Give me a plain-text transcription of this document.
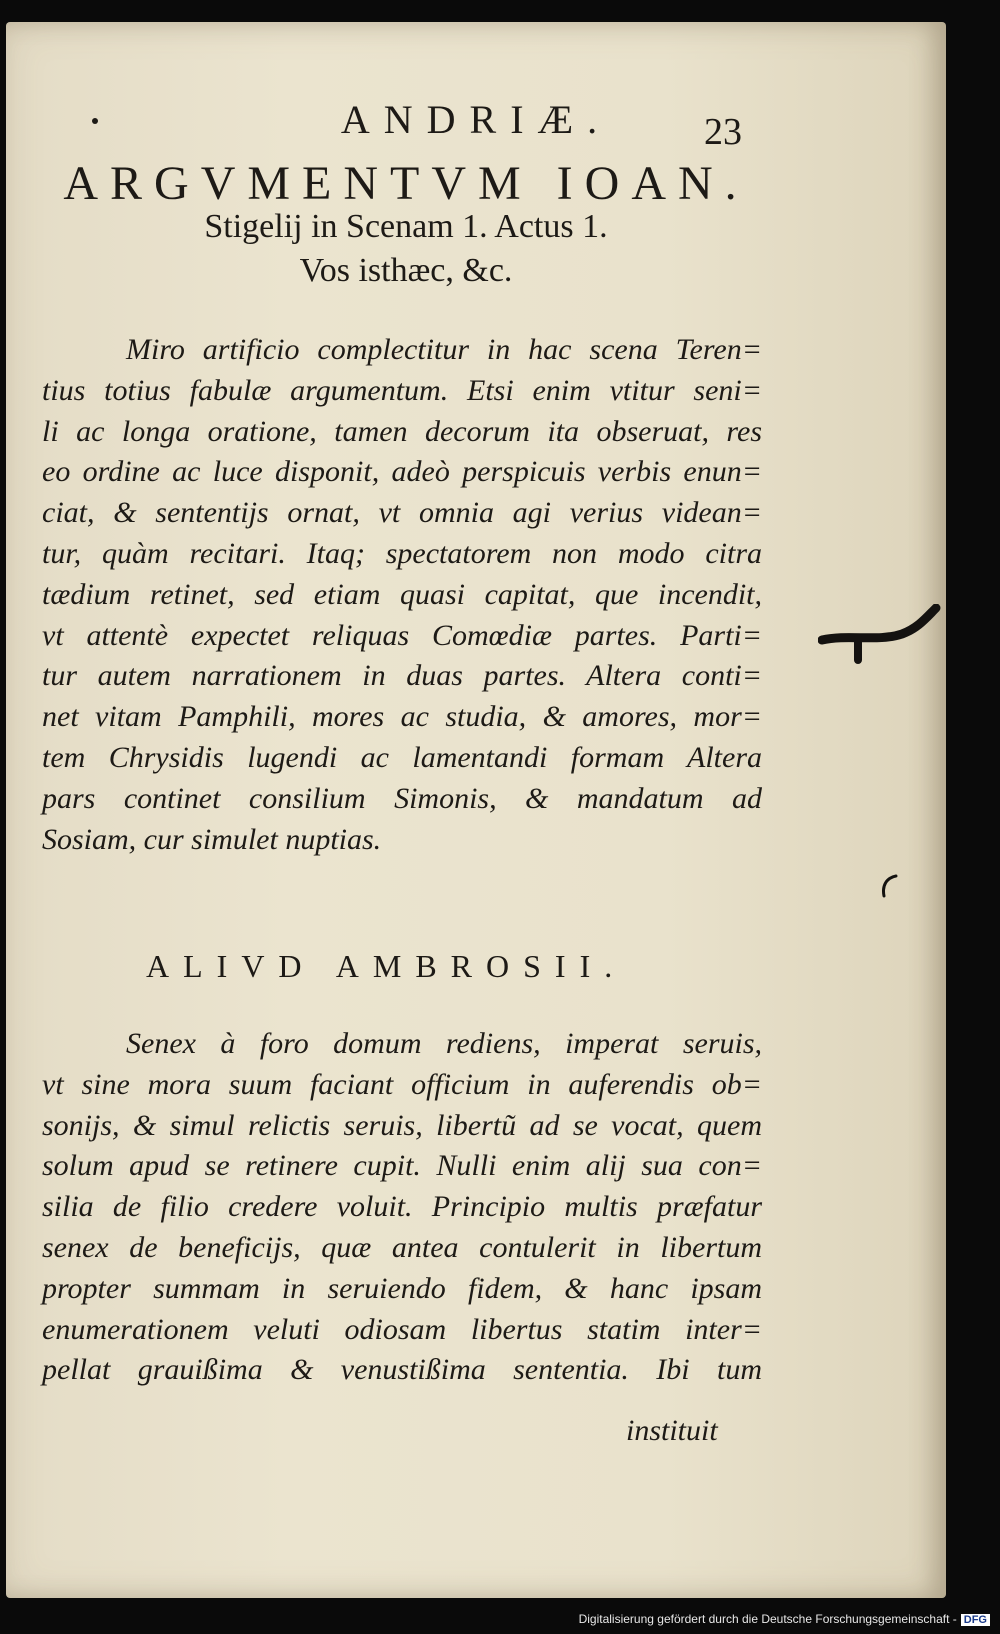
ANDRIÆ.	23
ARGVMENTVM IOAN.
Stigelij in Scenam 1. Actus 1.
Vos isthæc, &c.
Miro artificio complectitur in hac scena Teren=
tius totius fabulæ argumentum. Etsi enim vtitur seni=
li ac longa oratione, tamen decorum ita obseruat, res
eo ordine ac luce disponit, adeò perspicuis verbis enun=
ciat, & sententijs ornat, vt omnia agi verius videan=
tur, quàm recitari. Itaq; spectatorem non modo citra
tædium retinet, sed etiam quasi capitat, que incendit,
vt attentè expectet reliquas Comœdiæ partes. Parti=
tur autem narrationem in duas partes. Altera conti=
net vitam Pamphili, mores ac studia, & amores, mor=
tem Chrysidis lugendi ac lamentandi formam Altera
pars continet consilium Simonis, & mandatum ad
Sosiam, cur simulet nuptias.
ALIVD AMBROSII.
Senex à foro domum rediens, imperat seruis,
vt sine mora suum faciant officium in auferendis ob=
sonijs, & simul relictis seruis, libertũ ad se vocat, quem
solum apud se retinere cupit. Nulli enim alij sua con=
silia de filio credere voluit. Principio multis præfatur
senex de beneficijs, quæ antea contulerit in libertum
propter summam in seruiendo fidem, & hanc ipsam
enumerationem veluti odiosam libertus statim inter=
pellat grauißima & venustißima sententia. Ibi tum
instituit
Digitalisierung gefördert durch die Deutsche Forschungsgemeinschaft - DFG
